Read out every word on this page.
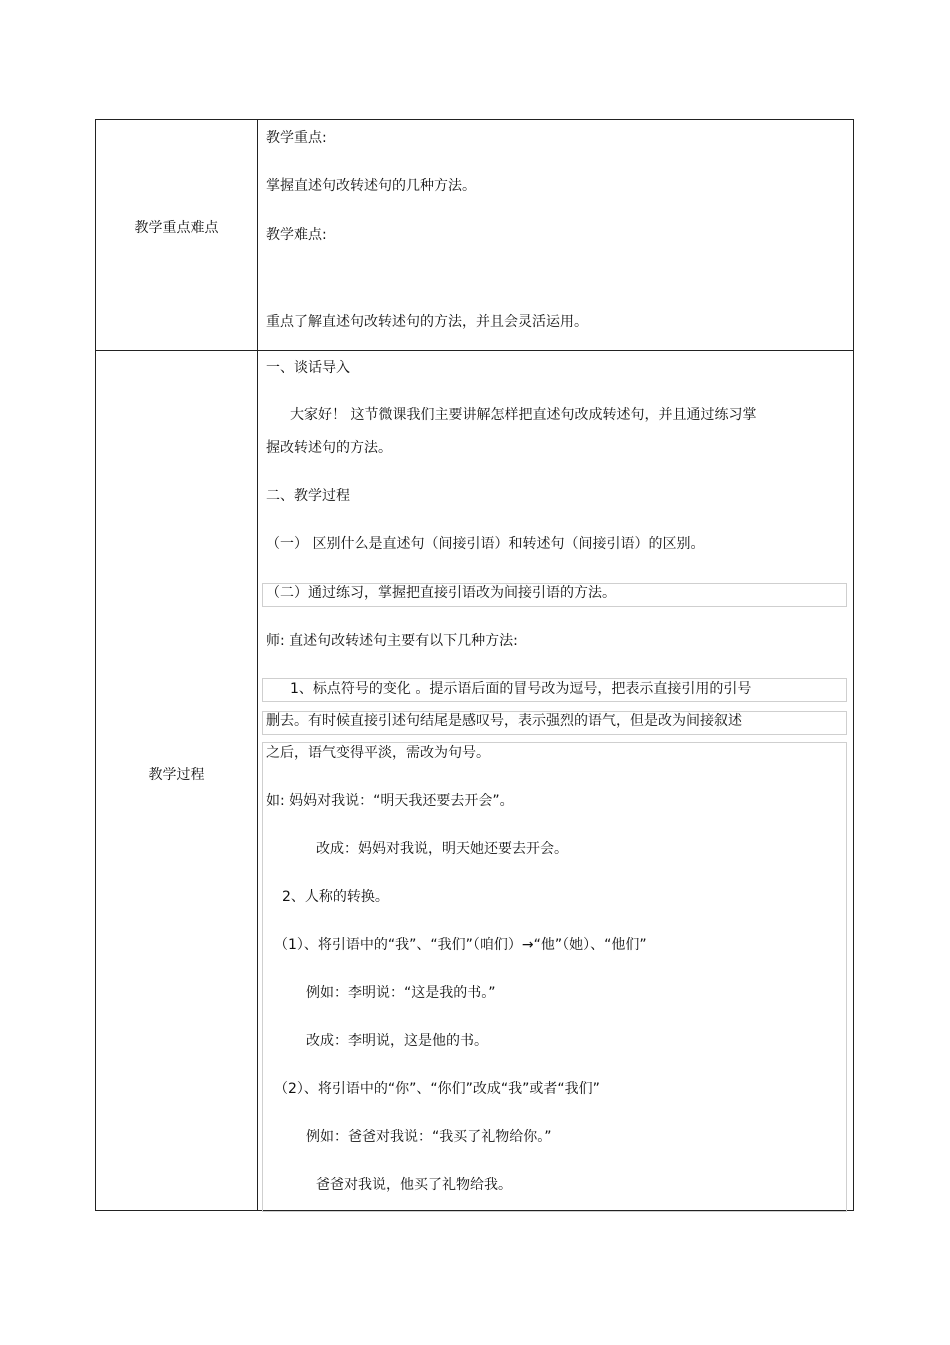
教学重点难点
教学重点:
掌握直述句改转述句的几种方法。
教学难点:
重点了解直述句改转述句的方法，并且会灵活运用。
教学过程
一、谈话导入
大家好！ 这节微课我们主要讲解怎样把直述句改成转述句，并且通过练习掌
握改转述句的方法。
二、教学过程
（一） 区别什么是直述句（间接引语）和转述句（间接引语）的区别。
（二）通过练习，掌握把直接引语改为间接引语的方法。
师: 直述句改转述句主要有以下几种方法:
1、标点符号的变化 。提示语后面的冒号改为逗号，把表示直接引用的引号
删去。有时候直接引述句结尾是感叹号，表示强烈的语气，但是改为间接叙述
之后，语气变得平淡，需改为句号。
如: 妈妈对我说：“明天我还要去开会”。
改成：妈妈对我说，明天她还要去开会。
2、人称的转换。
（1）、将引语中的“我”、“我们”（咱们）→“他”（她）、“他们”
例如：李明说：“这是我的书。”
改成：李明说，这是他的书。
（2）、将引语中的“你”、“你们”改成“我”或者“我们”
例如：爸爸对我说：“我买了礼物给你。”
爸爸对我说，他买了礼物给我。
